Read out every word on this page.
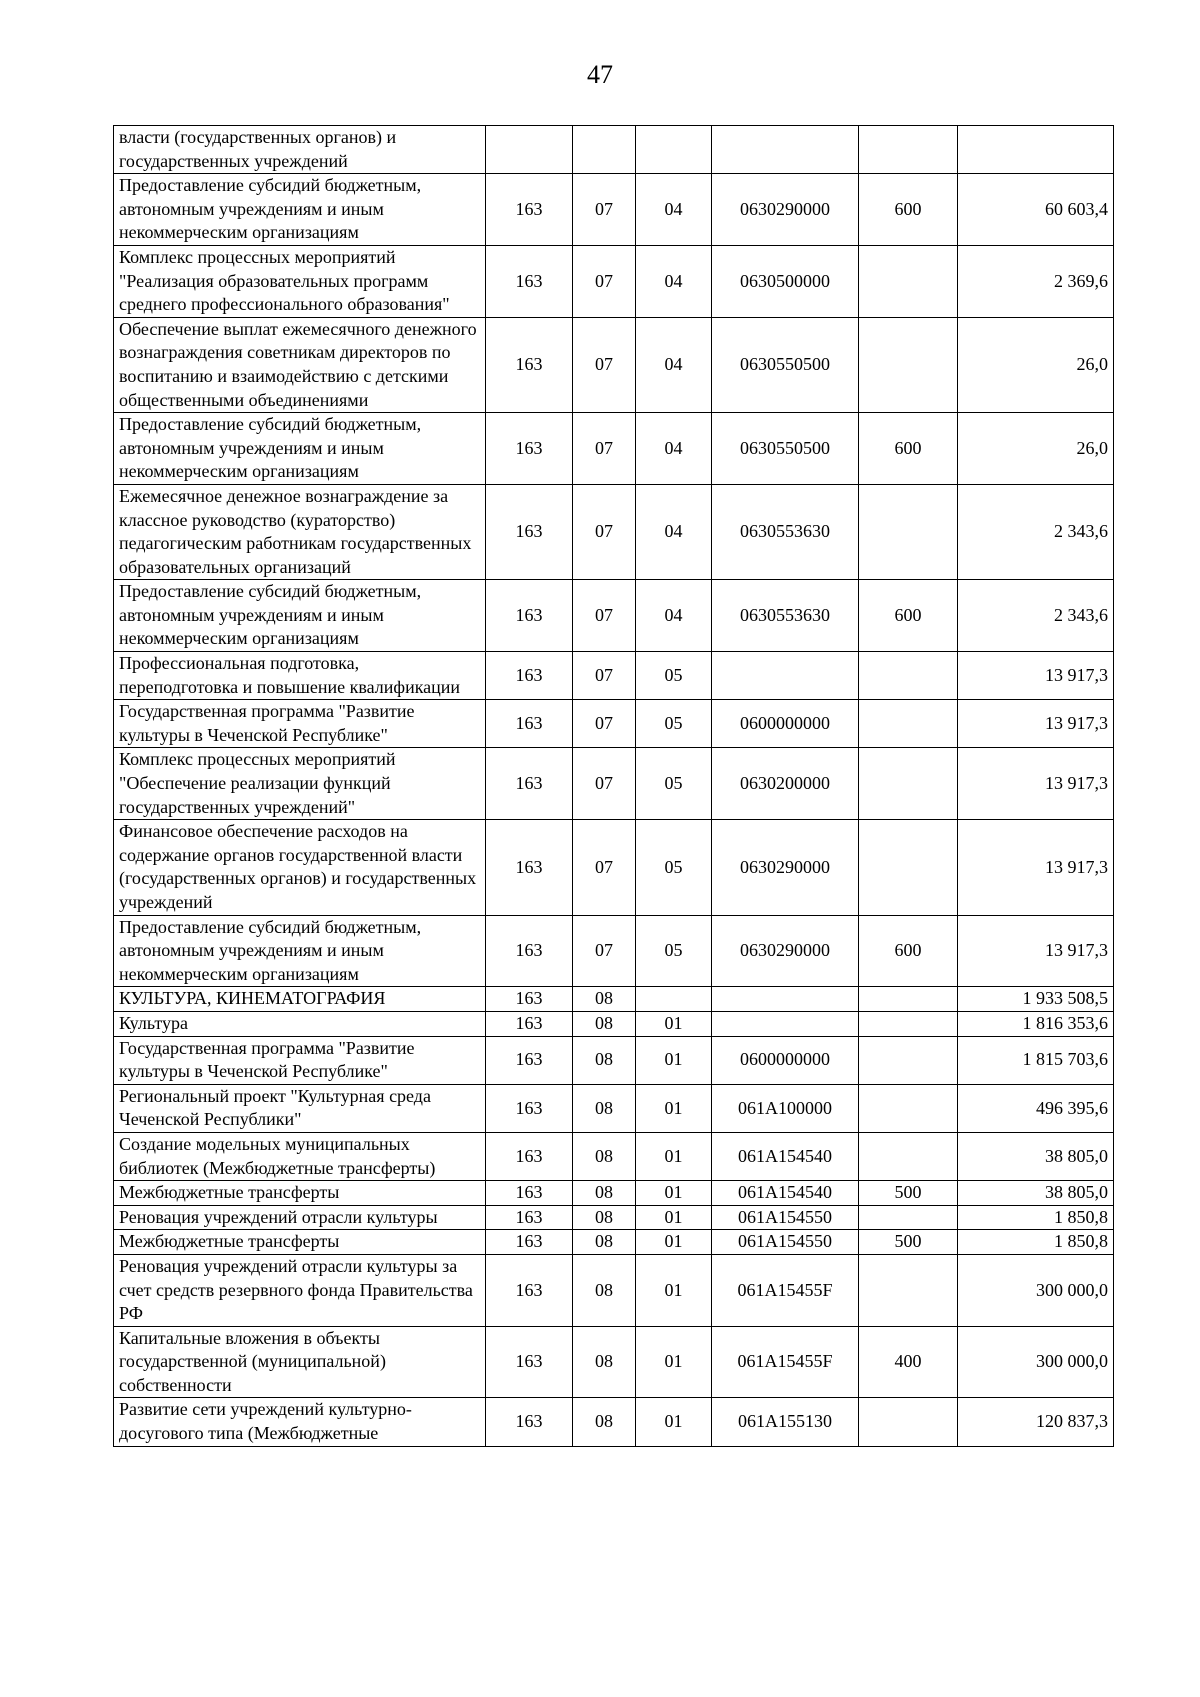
47
власти (государственных органов) и государственных учреждений						
Предоставление субсидий бюджетным, автономным учреждениям и иным некоммерческим организациям	163	07	04	0630290000	600	60 603,4
Комплекс процессных мероприятий "Реализация образовательных программ среднего профессионального образования"	163	07	04	0630500000		2 369,6
Обеспечение выплат ежемесячного денежного вознаграждения советникам директоров по воспитанию и взаимодействию с детскими общественными объединениями	163	07	04	0630550500		26,0
Предоставление субсидий бюджетным, автономным учреждениям и иным некоммерческим организациям	163	07	04	0630550500	600	26,0
Ежемесячное денежное вознаграждение за классное руководство (кураторство) педагогическим работникам государственных образовательных организаций	163	07	04	0630553630		2 343,6
Предоставление субсидий бюджетным, автономным учреждениям и иным некоммерческим организациям	163	07	04	0630553630	600	2 343,6
Профессиональная подготовка, переподготовка и повышение квалификации	163	07	05			13 917,3
Государственная программа "Развитие культуры в Чеченской Республике"	163	07	05	0600000000		13 917,3
Комплекс процессных мероприятий "Обеспечение реализации функций государственных учреждений"	163	07	05	0630200000		13 917,3
Финансовое обеспечение расходов на содержание органов государственной власти (государственных органов) и государственных учреждений	163	07	05	0630290000		13 917,3
Предоставление субсидий бюджетным, автономным учреждениям и иным некоммерческим организациям	163	07	05	0630290000	600	13 917,3
КУЛЬТУРА, КИНЕМАТОГРАФИЯ	163	08				1 933 508,5
Культура	163	08	01			1 816 353,6
Государственная программа "Развитие культуры в Чеченской Республике"	163	08	01	0600000000		1 815 703,6
Региональный проект "Культурная среда Чеченской Республики"	163	08	01	061A100000		496 395,6
Создание модельных муниципальных библиотек (Межбюджетные трансферты)	163	08	01	061A154540		38 805,0
Межбюджетные трансферты	163	08	01	061A154540	500	38 805,0
Реновация учреждений отрасли культуры	163	08	01	061A154550		1 850,8
Межбюджетные трансферты	163	08	01	061A154550	500	1 850,8
Реновация учреждений отрасли культуры за счет средств резервного фонда Правительства РФ	163	08	01	061A15455F		300 000,0
Капитальные вложения в объекты государственной (муниципальной) собственности	163	08	01	061A15455F	400	300 000,0
Развитие сети учреждений культурно-досугового типа (Межбюджетные	163	08	01	061A155130		120 837,3
